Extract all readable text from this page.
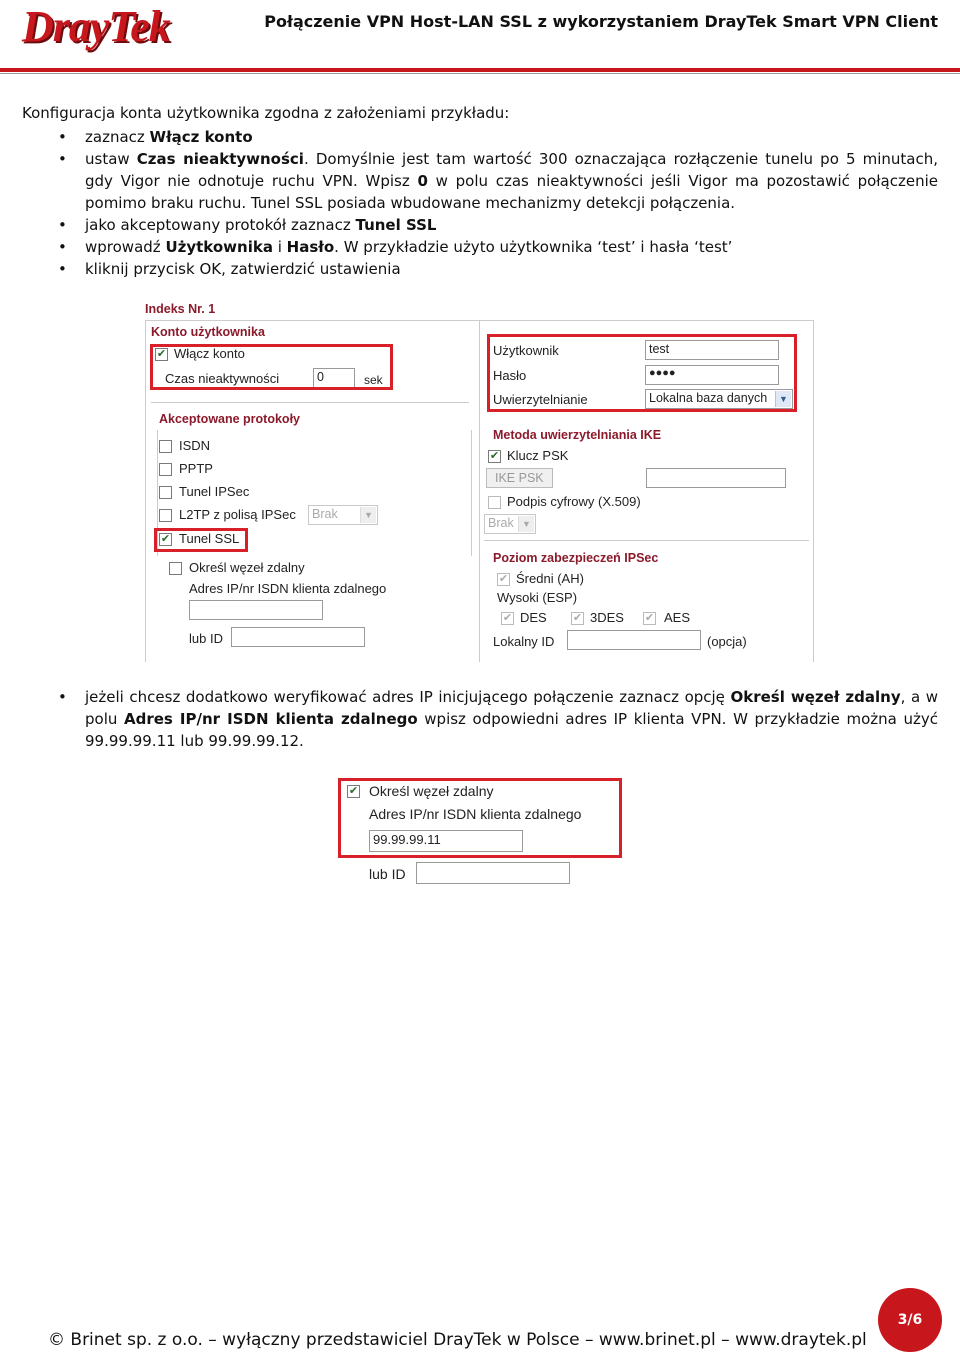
DrayTek	Połączenie VPN Host-LAN SSL z wykorzystaniem DrayTek Smart VPN Client
Konfiguracja konta użytkownika zgodna z założeniami przykładu:
• zaznacz Włącz konto
• ustaw Czas nieaktywności. Domyślnie jest tam wartość 300 oznaczająca rozłączenie tunelu po 5 minutach, gdy Vigor nie odnotuje ruchu VPN. Wpisz 0 w polu czas nieaktywności jeśli Vigor ma pozostawić połączenie pomimo braku ruchu. Tunel SSL posiada wbudowane mechanizmy detekcji połączenia.
• jako akceptowany protokół zaznacz Tunel SSL
• wprowadź Użytkownika i Hasło. W przykładzie użyto użytkownika ‘test’ i hasła ‘test’
• kliknij przycisk OK, zatwierdzić ustawienia
Indeks Nr. 1
Konto użytkownika
✔ Włącz konto
Czas nieaktywności	0	sek
Akceptowane protokoły
ISDN
PPTP
Tunel IPSec
L2TP z polisą IPSec	Brak	▼
✔ Tunel SSL
Określ węzeł zdalny
Adres IP/nr ISDN klienta zdalnego
lub ID
Użytkownik	test
Hasło	●●●●
Uwierzytelnianie	Lokalna baza danych	▼
Metoda uwierzytelniania IKE
✔ Klucz PSK
IKE PSK
Podpis cyfrowy (X.509)
Brak ▼
Poziom zabezpieczeń IPSec
✔ Średni (AH)
Wysoki (ESP)
✔ DES ✔ 3DES ✔ AES
Lokalny ID	(opcja)
• jeżeli chcesz dodatkowo weryfikować adres IP inicjującego połączenie zaznacz opcję Określ węzeł zdalny, a w polu Adres IP/nr ISDN klienta zdalnego wpisz odpowiedni adres IP klienta VPN. W przykładzie można użyć 99.99.99.11 lub 99.99.99.12.
✔ Określ węzeł zdalny
Adres IP/nr ISDN klienta zdalnego
99.99.99.11
lub ID
© Brinet sp. z o.o. – wyłączny przedstawiciel DrayTek w Polsce – www.brinet.pl – www.draytek.pl
3/6
